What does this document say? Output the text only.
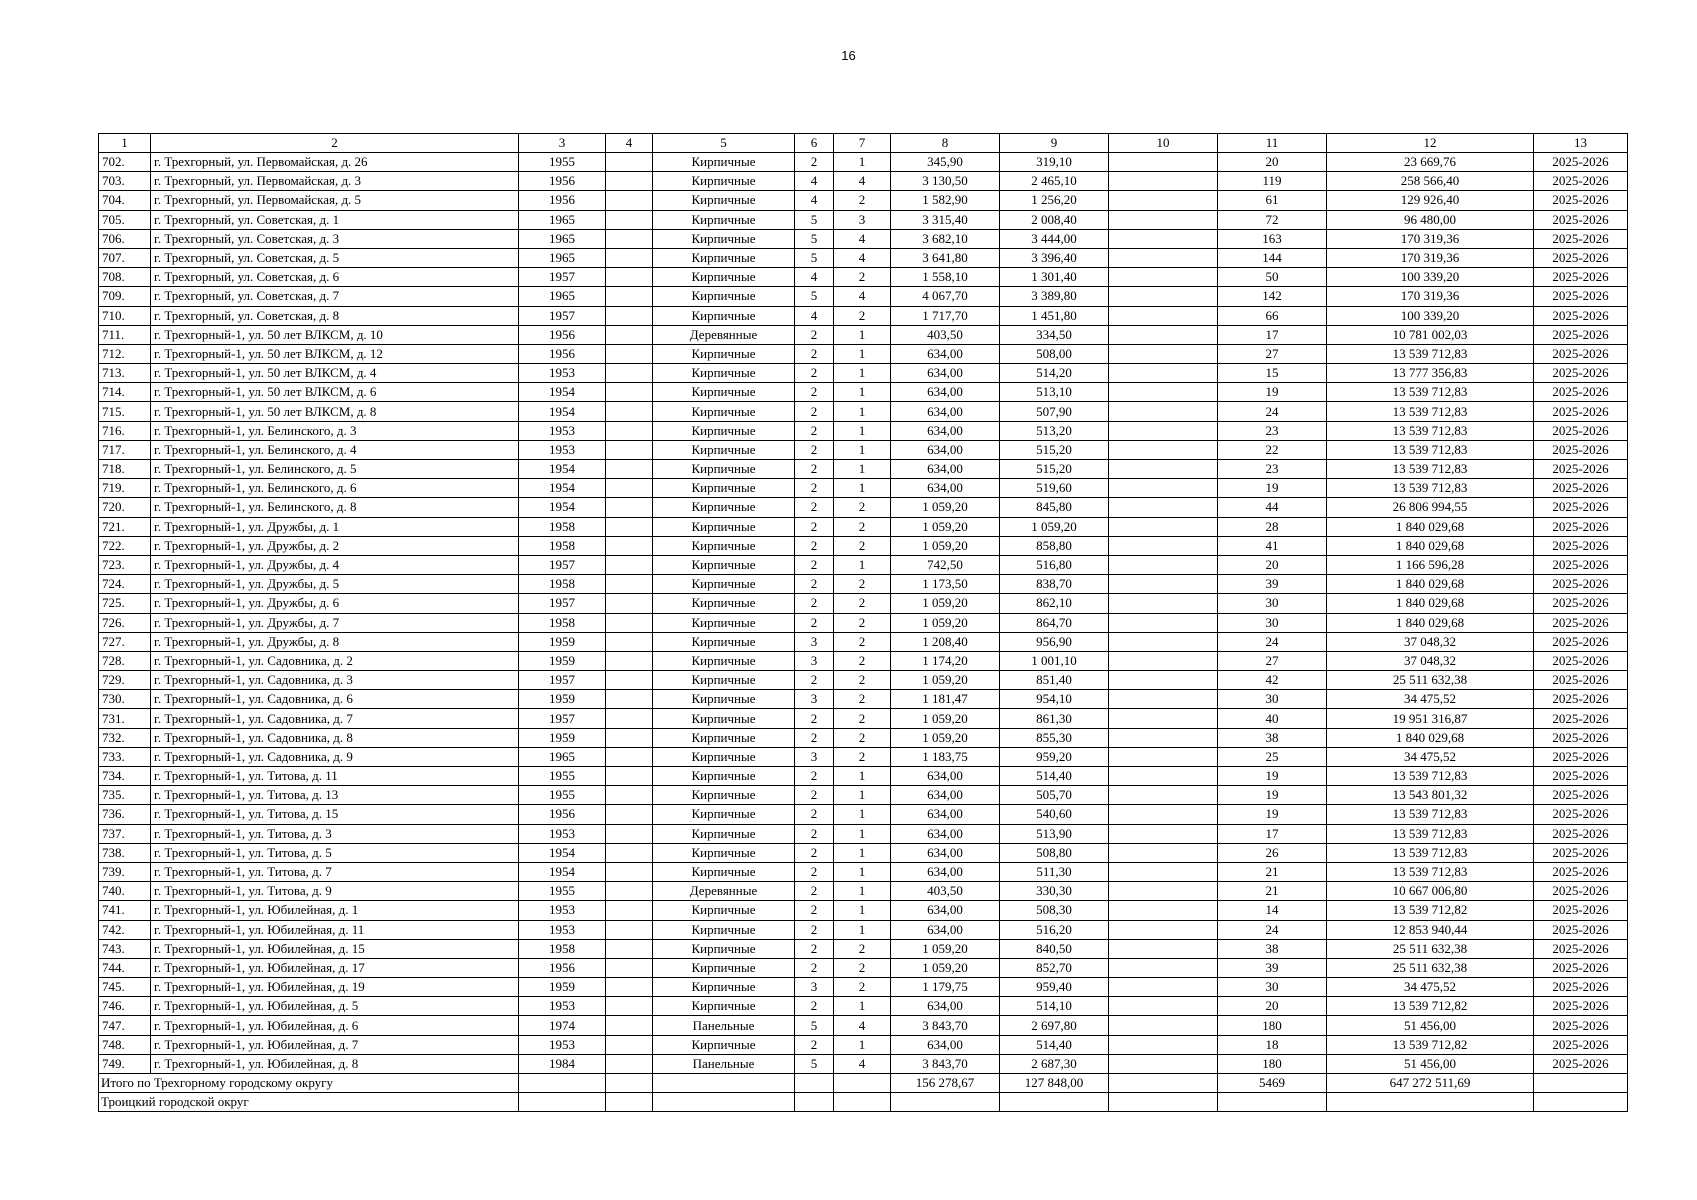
16
1	2	3	4	5	6	7	8	9	10	11	12	13
702.	г. Трехгорный, ул. Первомайская, д. 26	1955		Кирпичные	2	1	345,90	319,10		20	23 669,76	2025-2026
703.	г. Трехгорный, ул. Первомайская, д. 3	1956		Кирпичные	4	4	3 130,50	2 465,10		119	258 566,40	2025-2026
704.	г. Трехгорный, ул. Первомайская, д. 5	1956		Кирпичные	4	2	1 582,90	1 256,20		61	129 926,40	2025-2026
705.	г. Трехгорный, ул. Советская, д. 1	1965		Кирпичные	5	3	3 315,40	2 008,40		72	96 480,00	2025-2026
706.	г. Трехгорный, ул. Советская, д. 3	1965		Кирпичные	5	4	3 682,10	3 444,00		163	170 319,36	2025-2026
707.	г. Трехгорный, ул. Советская, д. 5	1965		Кирпичные	5	4	3 641,80	3 396,40		144	170 319,36	2025-2026
708.	г. Трехгорный, ул. Советская, д. 6	1957		Кирпичные	4	2	1 558,10	1 301,40		50	100 339,20	2025-2026
709.	г. Трехгорный, ул. Советская, д. 7	1965		Кирпичные	5	4	4 067,70	3 389,80		142	170 319,36	2025-2026
710.	г. Трехгорный, ул. Советская, д. 8	1957		Кирпичные	4	2	1 717,70	1 451,80		66	100 339,20	2025-2026
711.	г. Трехгорный-1, ул. 50 лет ВЛКСМ, д. 10	1956		Деревянные	2	1	403,50	334,50		17	10 781 002,03	2025-2026
712.	г. Трехгорный-1, ул. 50 лет ВЛКСМ, д. 12	1956		Кирпичные	2	1	634,00	508,00		27	13 539 712,83	2025-2026
713.	г. Трехгорный-1, ул. 50 лет ВЛКСМ, д. 4	1953		Кирпичные	2	1	634,00	514,20		15	13 777 356,83	2025-2026
714.	г. Трехгорный-1, ул. 50 лет ВЛКСМ, д. 6	1954		Кирпичные	2	1	634,00	513,10		19	13 539 712,83	2025-2026
715.	г. Трехгорный-1, ул. 50 лет ВЛКСМ, д. 8	1954		Кирпичные	2	1	634,00	507,90		24	13 539 712,83	2025-2026
716.	г. Трехгорный-1, ул. Белинского, д. 3	1953		Кирпичные	2	1	634,00	513,20		23	13 539 712,83	2025-2026
717.	г. Трехгорный-1, ул. Белинского, д. 4	1953		Кирпичные	2	1	634,00	515,20		22	13 539 712,83	2025-2026
718.	г. Трехгорный-1, ул. Белинского, д. 5	1954		Кирпичные	2	1	634,00	515,20		23	13 539 712,83	2025-2026
719.	г. Трехгорный-1, ул. Белинского, д. 6	1954		Кирпичные	2	1	634,00	519,60		19	13 539 712,83	2025-2026
720.	г. Трехгорный-1, ул. Белинского, д. 8	1954		Кирпичные	2	2	1 059,20	845,80		44	26 806 994,55	2025-2026
721.	г. Трехгорный-1, ул. Дружбы, д. 1	1958		Кирпичные	2	2	1 059,20	1 059,20		28	1 840 029,68	2025-2026
722.	г. Трехгорный-1, ул. Дружбы, д. 2	1958		Кирпичные	2	2	1 059,20	858,80		41	1 840 029,68	2025-2026
723.	г. Трехгорный-1, ул. Дружбы, д. 4	1957		Кирпичные	2	1	742,50	516,80		20	1 166 596,28	2025-2026
724.	г. Трехгорный-1, ул. Дружбы, д. 5	1958		Кирпичные	2	2	1 173,50	838,70		39	1 840 029,68	2025-2026
725.	г. Трехгорный-1, ул. Дружбы, д. 6	1957		Кирпичные	2	2	1 059,20	862,10		30	1 840 029,68	2025-2026
726.	г. Трехгорный-1, ул. Дружбы, д. 7	1958		Кирпичные	2	2	1 059,20	864,70		30	1 840 029,68	2025-2026
727.	г. Трехгорный-1, ул. Дружбы, д. 8	1959		Кирпичные	3	2	1 208,40	956,90		24	37 048,32	2025-2026
728.	г. Трехгорный-1, ул. Садовника, д. 2	1959		Кирпичные	3	2	1 174,20	1 001,10		27	37 048,32	2025-2026
729.	г. Трехгорный-1, ул. Садовника, д. 3	1957		Кирпичные	2	2	1 059,20	851,40		42	25 511 632,38	2025-2026
730.	г. Трехгорный-1, ул. Садовника, д. 6	1959		Кирпичные	3	2	1 181,47	954,10		30	34 475,52	2025-2026
731.	г. Трехгорный-1, ул. Садовника, д. 7	1957		Кирпичные	2	2	1 059,20	861,30		40	19 951 316,87	2025-2026
732.	г. Трехгорный-1, ул. Садовника, д. 8	1959		Кирпичные	2	2	1 059,20	855,30		38	1 840 029,68	2025-2026
733.	г. Трехгорный-1, ул. Садовника, д. 9	1965		Кирпичные	3	2	1 183,75	959,20		25	34 475,52	2025-2026
734.	г. Трехгорный-1, ул. Титова, д. 11	1955		Кирпичные	2	1	634,00	514,40		19	13 539 712,83	2025-2026
735.	г. Трехгорный-1, ул. Титова, д. 13	1955		Кирпичные	2	1	634,00	505,70		19	13 543 801,32	2025-2026
736.	г. Трехгорный-1, ул. Титова, д. 15	1956		Кирпичные	2	1	634,00	540,60		19	13 539 712,83	2025-2026
737.	г. Трехгорный-1, ул. Титова, д. 3	1953		Кирпичные	2	1	634,00	513,90		17	13 539 712,83	2025-2026
738.	г. Трехгорный-1, ул. Титова, д. 5	1954		Кирпичные	2	1	634,00	508,80		26	13 539 712,83	2025-2026
739.	г. Трехгорный-1, ул. Титова, д. 7	1954		Кирпичные	2	1	634,00	511,30		21	13 539 712,83	2025-2026
740.	г. Трехгорный-1, ул. Титова, д. 9	1955		Деревянные	2	1	403,50	330,30		21	10 667 006,80	2025-2026
741.	г. Трехгорный-1, ул. Юбилейная, д. 1	1953		Кирпичные	2	1	634,00	508,30		14	13 539 712,82	2025-2026
742.	г. Трехгорный-1, ул. Юбилейная, д. 11	1953		Кирпичные	2	1	634,00	516,20		24	12 853 940,44	2025-2026
743.	г. Трехгорный-1, ул. Юбилейная, д. 15	1958		Кирпичные	2	2	1 059,20	840,50		38	25 511 632,38	2025-2026
744.	г. Трехгорный-1, ул. Юбилейная, д. 17	1956		Кирпичные	2	2	1 059,20	852,70		39	25 511 632,38	2025-2026
745.	г. Трехгорный-1, ул. Юбилейная, д. 19	1959		Кирпичные	3	2	1 179,75	959,40		30	34 475,52	2025-2026
746.	г. Трехгорный-1, ул. Юбилейная, д. 5	1953		Кирпичные	2	1	634,00	514,10		20	13 539 712,82	2025-2026
747.	г. Трехгорный-1, ул. Юбилейная, д. 6	1974		Панельные	5	4	3 843,70	2 697,80		180	51 456,00	2025-2026
748.	г. Трехгорный-1, ул. Юбилейная, д. 7	1953		Кирпичные	2	1	634,00	514,40		18	13 539 712,82	2025-2026
749.	г. Трехгорный-1, ул. Юбилейная, д. 8	1984		Панельные	5	4	3 843,70	2 687,30		180	51 456,00	2025-2026
Итого по Трехгорному городскому округу							156 278,67	127 848,00		5469	647 272 511,69	
Троицкий городской округ												
